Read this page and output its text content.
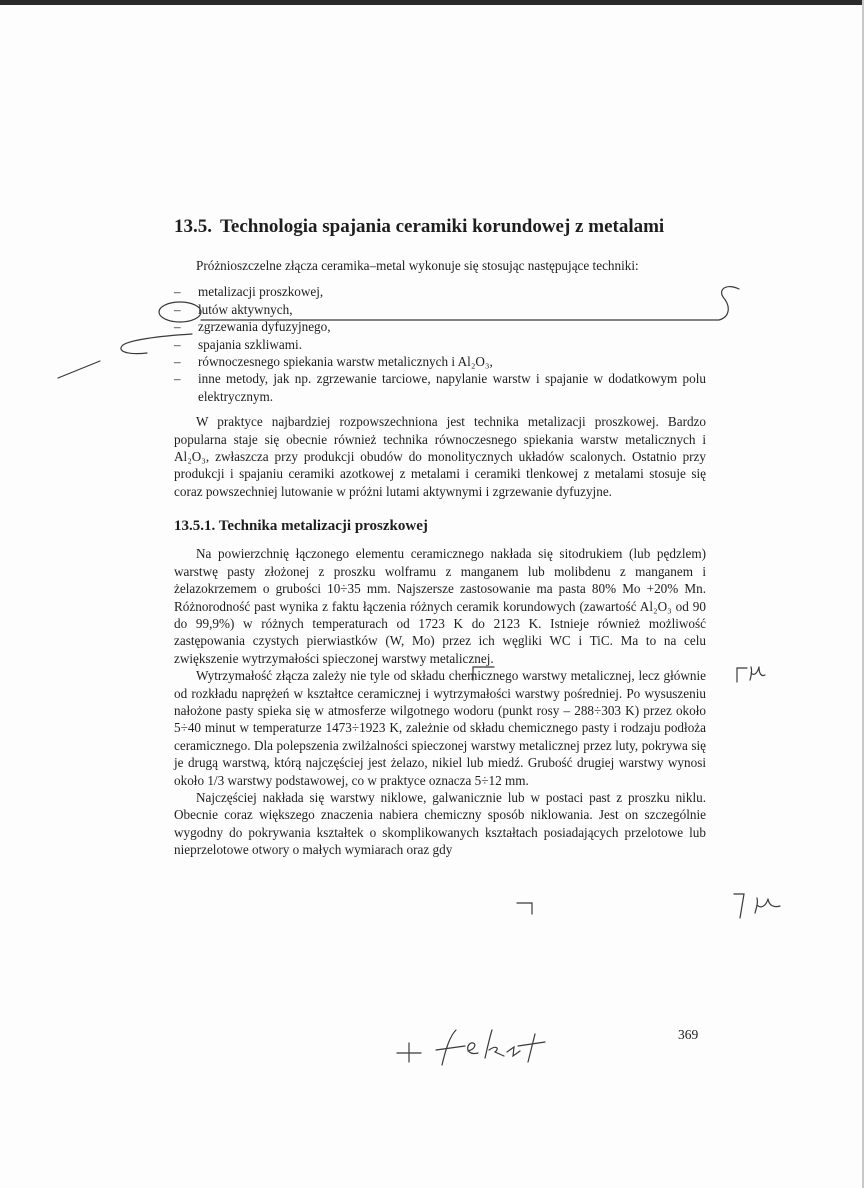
13.5. Technologia spajania ceramiki korundowej z metalami

Próżnioszczelne złącza ceramika–metal wykonuje się stosując następujące techniki:

–	metalizacji proszkowej,
–	lutów aktywnych,
–	zgrzewania dyfuzyjnego,
–	spajania szkliwami.
–	równoczesnego spiekania warstw metalicznych i Al₂O₃,
–	inne metody, jak np. zgrzewanie tarciowe, napylanie warstw i spajanie w dodatkowym polu elektrycznym.

W praktyce najbardziej rozpowszechniona jest technika metalizacji proszkowej. Bardzo popularna staje się obecnie również technika równoczesnego spiekania warstw metalicznych i Al₂O₃, zwłaszcza przy produkcji obudów do monolitycznych układów scalonych. Ostatnio przy produkcji i spajaniu ceramiki azotkowej z metalami i ceramiki tlenkowej z metalami stosuje się coraz powszechniej lutowanie w próżni lutami aktywnymi i zgrzewanie dyfuzyjne.

13.5.1. Technika metalizacji proszkowej

Na powierzchnię łączonego elementu ceramicznego nakłada się sitodrukiem (lub pędzlem) warstwę pasty złożonej z proszku wolframu z manganem lub molibdenu z manganem i żelazokrzemem o grubości 10÷35 mm. Najszersze zastosowanie ma pasta 80% Mo +20% Mn. Różnorodność past wynika z faktu łączenia różnych ceramik korundowych (zawartość Al₂O₃ od 90 do 99,9%) w różnych temperaturach od 1723 K do 2123 K. Istnieje również możliwość zastępowania czystych pierwiastków (W, Mo) przez ich węgliki WC i TiC. Ma to na celu zwiększenie wytrzymałości spieczonej warstwy metalicznej.

Wytrzymałość złącza zależy nie tyle od składu chemicznego warstwy metalicznej, lecz głównie od rozkładu naprężeń w kształtce ceramicznej i wytrzymałości warstwy pośredniej. Po wysuszeniu nałożone pasty spieka się w atmosferze wilgotnego wodoru (punkt rosy – 288÷303 K) przez około 5÷40 minut w temperaturze 1473÷1923 K, zależnie od składu chemicznego pasty i rodzaju podłoża ceramicznego. Dla polepszenia zwilżalności spieczonej warstwy metalicznej przez luty, pokrywa się je drugą warstwą, którą najczęściej jest żelazo, nikiel lub miedź. Grubość drugiej warstwy wynosi około 1/3 warstwy podstawowej, co w praktyce oznacza 5÷12 mm.

Najczęściej nakłada się warstwy niklowe, galwanicznie lub w postaci past z proszku niklu. Obecnie coraz większego znaczenia nabiera chemiczny sposób niklowania. Jest on szczególnie wygodny do pokrywania kształtek o skomplikowanych kształtach posiadających przelotowe lub nieprzelotowe otwory o małych wymiarach oraz gdy

369
